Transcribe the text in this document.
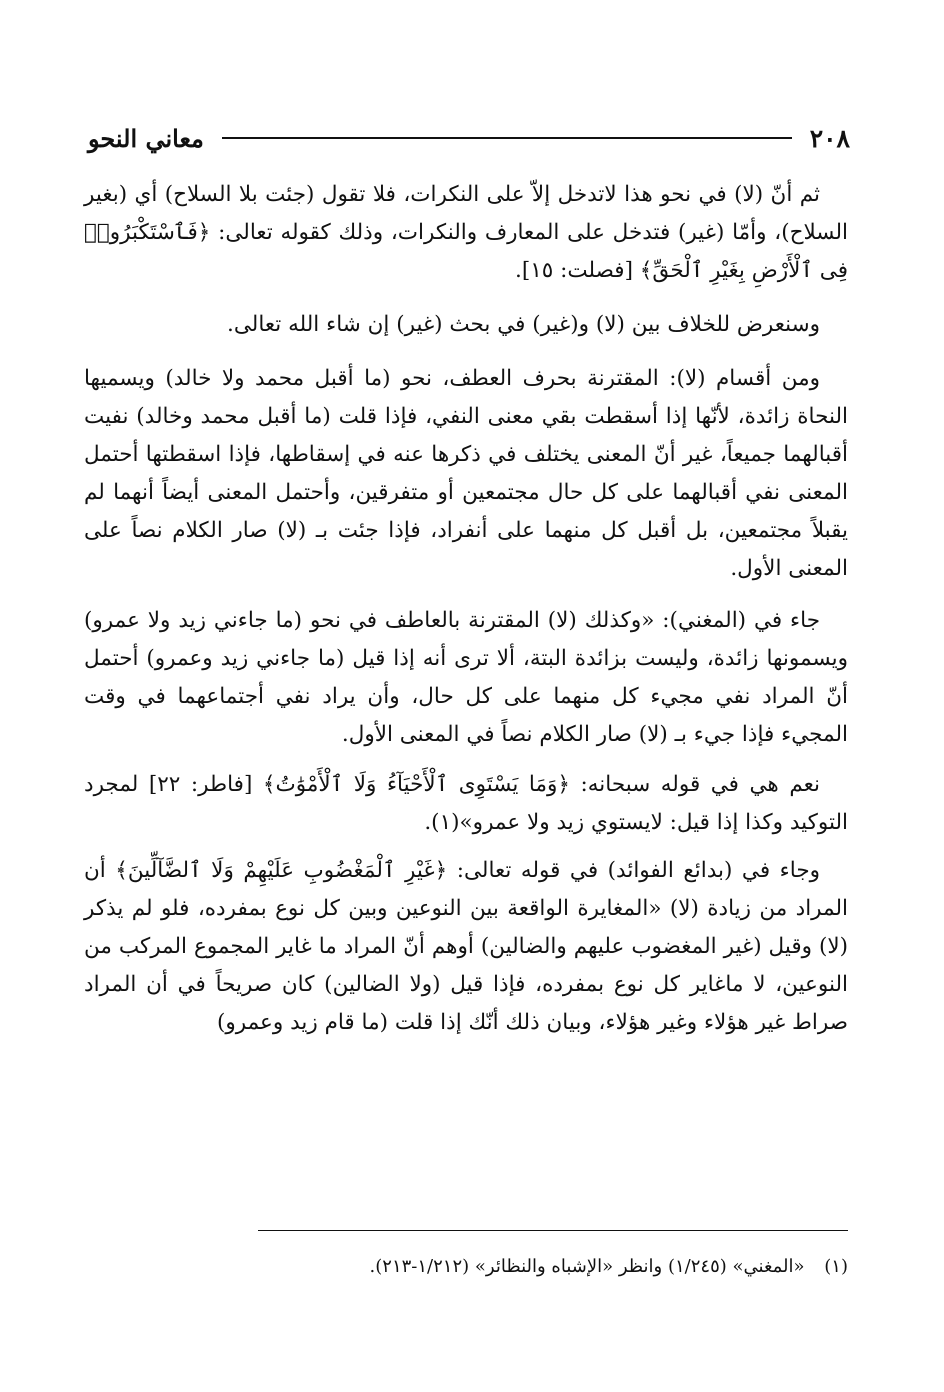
٢٠٨
معاني النحو

ثم أنّ (لا) في نحو هذا لاتدخل إلاّ على النكرات، فلا تقول (جئت بلا السلاح) أي (بغير السلاح)، وأمّا (غير) فتدخل على المعارف والنكرات، وذلك كقوله تعالى: ﴿فَٱسْتَكْبَرُوا۟ فِى ٱلْأَرْضِ بِغَيْرِ ٱلْحَقِّ﴾ [فصلت: ١٥].

وسنعرض للخلاف بين (لا) و(غير) في بحث (غير) إن شاء الله تعالى.

ومن أقسام (لا): المقترنة بحرف العطف، نحو (ما أقبل محمد ولا خالد) ويسميها النحاة زائدة، لأنّها إذا أسقطت بقي معنى النفي، فإذا قلت (ما أقبل محمد وخالد) نفيت أقبالهما جميعاً، غير أنّ المعنى يختلف في ذكرها عنه في إسقاطها، فإذا اسقطتها أحتمل المعنى نفي أقبالهما على كل حال مجتمعين أو متفرقين، وأحتمل المعنى أيضاً أنهما لم يقبلاً مجتمعين، بل أقبل كل منهما على أنفراد، فإذا جئت بـ (لا) صار الكلام نصاً على المعنى الأول.

جاء في (المغني): «وكذلك (لا) المقترنة بالعاطف في نحو (ما جاءني زيد ولا عمرو) ويسمونها زائدة، وليست بزائدة البتة، ألا ترى أنه إذا قيل (ما جاءني زيد وعمرو) أحتمل أنّ المراد نفي مجيء كل منهما على كل حال، وأن يراد نفي أجتماعهما في وقت المجيء فإذا جيء بـ (لا) صار الكلام نصاً في المعنى الأول.

نعم هي في قوله سبحانه: ﴿وَمَا يَسْتَوِى ٱلْأَحْيَآءُ وَلَا ٱلْأَمْوَٰتُ﴾ [فاطر: ٢٢] لمجرد التوكيد وكذا إذا قيل: لايستوي زيد ولا عمرو»(١).

وجاء في (بدائع الفوائد) في قوله تعالى: ﴿غَيْرِ ٱلْمَغْضُوبِ عَلَيْهِمْ وَلَا ٱلضَّآلِّينَ﴾ أن المراد من زيادة (لا) «المغايرة الواقعة بين النوعين وبين كل نوع بمفرده، فلو لم يذكر (لا) وقيل (غير المغضوب عليهم والضالين) أوهم أنّ المراد ما غاير المجموع المركب من النوعين، لا ماغاير كل نوع بمفرده، فإذا قيل (ولا الضالين) كان صريحاً في أن المراد صراط غير هؤلاء وغير هؤلاء، وبيان ذلك أنّك إذا قلت (ما قام زيد وعمرو)

(١) «المغني» (١/٢٤٥) وانظر «الإشباه والنظائر» (١/٢١٢-٢١٣).
